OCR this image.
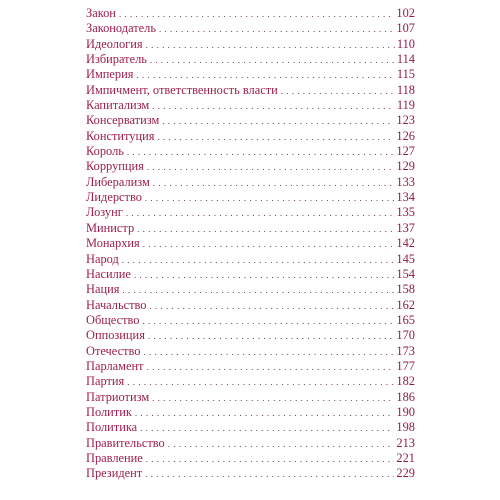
Закон . . .	102
Законодатель . . .	107
Идеология . . .	110
Избиратель . . .	114
Империя . . .	115
Импичмент, ответственность власти . . .	118
Капитализм . . .	119
Консерватизм . . .	123
Конституция . . .	126
Король . . .	127
Коррупция . . .	129
Либерализм . . .	133
Лидерство . . .	134
Лозунг . . .	135
Министр . . .	137
Монархия . . .	142
Народ . . .	145
Насилие . . .	154
Нация . . .	158
Начальство . . .	162
Общество . . .	165
Оппозиция . . .	170
Отечество . . .	173
Парламент . . .	177
Партия . . .	182
Патриотизм . . .	186
Политик . . .	190
Политика . . .	198
Правительство . . .	213
Правление . . .	221
Президент . . .	229
